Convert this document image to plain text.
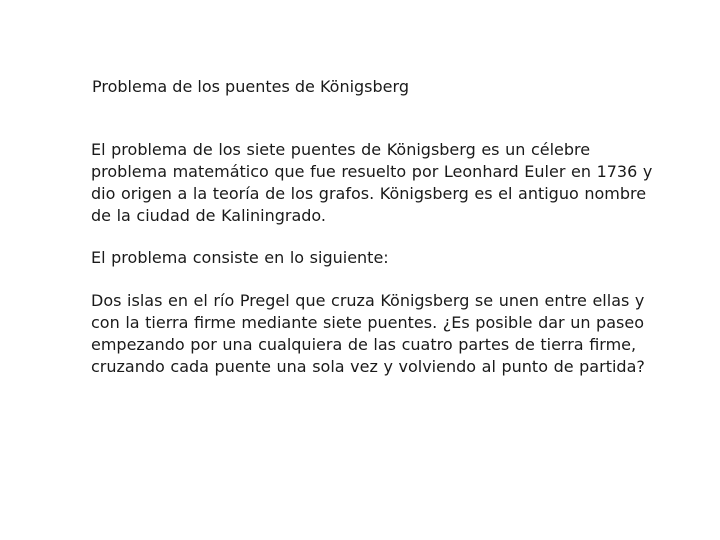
Problema de los puentes de Königsberg

El problema de los siete puentes de Königsberg es un célebre
problema matemático que fue resuelto por Leonhard Euler en 1736 y
dio origen a la teoría de los grafos. Königsberg es el antiguo nombre
de la ciudad de Kaliningrado.

El problema consiste en lo siguiente:

Dos islas en el río Pregel que cruza Königsberg se unen entre ellas y
con la tierra firme mediante siete puentes. ¿Es posible dar un paseo
empezando por una cualquiera de las cuatro partes de tierra firme,
cruzando cada puente una sola vez y volviendo al punto de partida?
